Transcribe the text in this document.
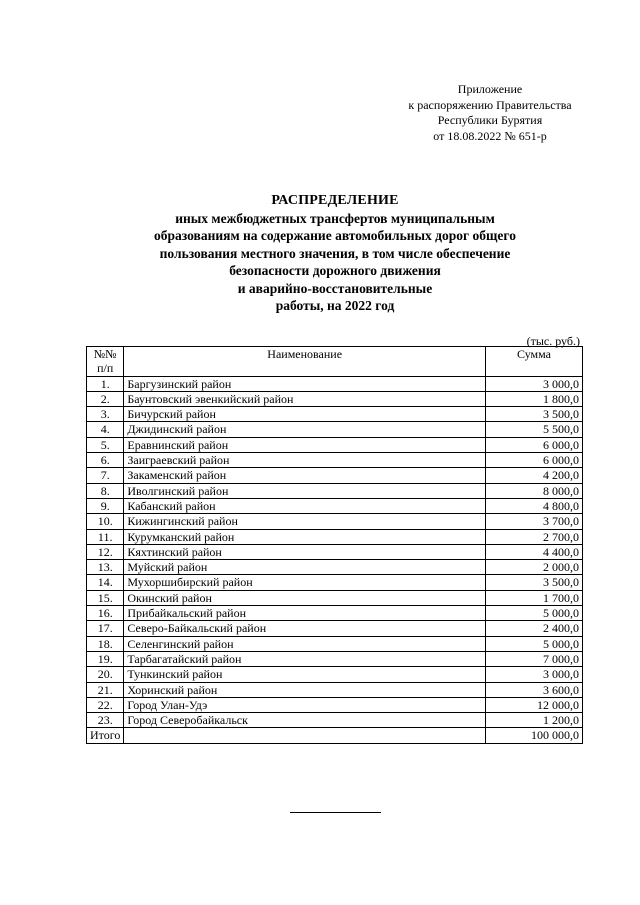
Приложение
к распоряжению Правительства
Республики Бурятия
от 18.08.2022 № 651-р
РАСПРЕДЕЛЕНИЕ
иных межбюджетных трансфертов муниципальным
образованиям на содержание автомобильных дорог общего
пользования местного значения, в том числе обеспечение
безопасности дорожного движения
и аварийно-восстановительные
работы, на 2022 год
(тыс. руб.)
№№
п/п	Наименование	Сумма
1.	Баргузинский район	3 000,0
2.	Баунтовский эвенкийский район	1 800,0
3.	Бичурский район	3 500,0
4.	Джидинский район	5 500,0
5.	Еравнинский район	6 000,0
6.	Заиграевский район	6 000,0
7.	Закаменский район	4 200,0
8.	Иволгинский район	8 000,0
9.	Кабанский район	4 800,0
10.	Кижингинский район	3 700,0
11.	Курумканский район	2 700,0
12.	Кяхтинский район	4 400,0
13.	Муйский район	2 000,0
14.	Мухоршибирский район	3 500,0
15.	Окинский район	1 700,0
16.	Прибайкальский район	5 000,0
17.	Северо-Байкальский район	2 400,0
18.	Селенгинский район	5 000,0
19.	Тарбагатайский район	7 000,0
20.	Тункинский район	3 000,0
21.	Хоринский район	3 600,0
22.	Город Улан-Удэ	12 000,0
23.	Город Северобайкальск	1 200,0
Итого		100 000,0
